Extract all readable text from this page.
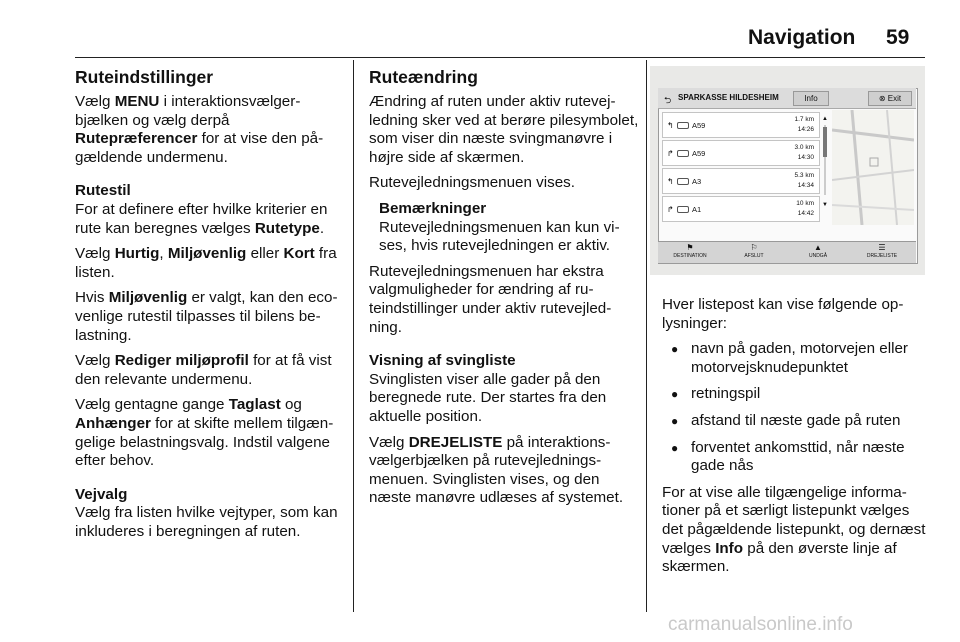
Navigation 59
Ruteindstillinger

Vælg MENU i interaktionsvælgerbjælken og vælg derpå Rutepræferencer for at vise den pågældende undermenu.

Rutestil

For at definere efter hvilke kriterier en rute kan beregnes vælges Rutetype.

Vælg Hurtig, Miljøvenlig eller Kort fra listen.

Hvis Miljøvenlig er valgt, kan den ecovenlige rutestil tilpasses til bilens belastning.

Vælg Rediger miljøprofil for at få vist den relevante undermenu.

Vælg gentagne gange Taglast og Anhænger for at skifte mellem tilgængelige belastningsvalg. Indstil valgene efter behov.

Vejvalg

Vælg fra listen hvilke vejtyper, som kan inkluderes i beregningen af ruten.

Ruteændring

Ændring af ruten under aktiv rutevejledning sker ved at berøre pilesymbolet, som viser din næste svingmanøvre i højre side af skærmen.

Rutevejledningsmenuen vises.

Bemærkninger
Rutevejledningsmenuen kan kun vises, hvis rutevejledningen er aktiv.

Rutevejledningsmenuen har ekstra valgmuligheder for ændring af ruteindstillinger under aktiv rutevejledning.

Visning af svingliste

Svinglisten viser alle gader på den beregnede rute. Der startes fra den aktuelle position.

Vælg DREJELISTE på interaktionsvælgerbjælken på rutevejledningsmenuen. Svinglisten vises, og den næste manøvre udlæses af systemet.

⮌ SPARKASSE HILDESHEIM	Info	⊗ Exit
↰ A59
1.7 km
14:26
↱ A59
3.0 km
14:30
↰ A3
5.3 km
14:34
↱ A1
10 km
14:42
▲
▼
⚑
DESTINATION
⚐
AFSLUT
▲
UNDGÅ
☰
DREJELISTE

Hver listepost kan vise følgende oplysninger:

● navn på gaden, motorvejen eller motorvejsknudepunktet
● retningspil
● afstand til næste gade på ruten
● forventet ankomsttid, når næste gade nås

For at vise alle tilgængelige informationer på et særligt listepunkt vælges det pågældende listepunkt, og dernæst vælges Info på den øverste linje af skærmen.

carmanualsonline.info
